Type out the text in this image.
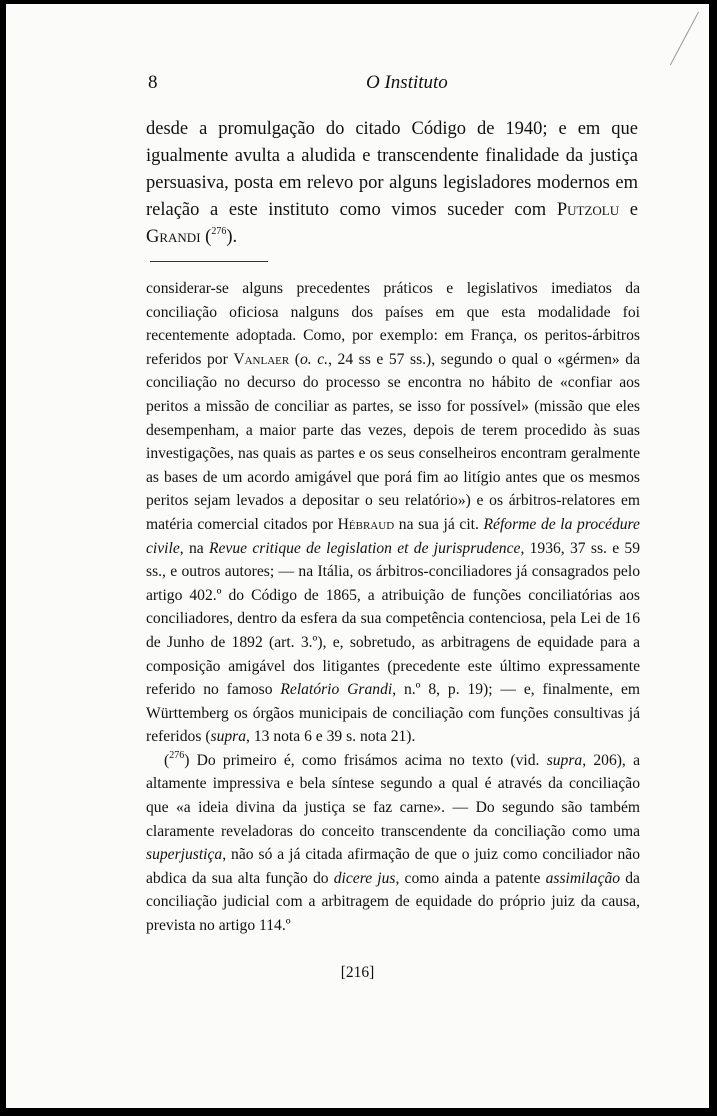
8	O Instituto

desde a promulgação do citado Código de 1940; e em que igualmente avulta a aludida e transcendente finalidade da justiça persuasiva, posta em relevo por alguns legisladores modernos em relação a este instituto como vimos suceder com Putzolu e Grandi ($^{276}$).

considerar-se alguns precedentes práticos e legislativos imediatos da conciliação oficiosa nalguns dos países em que esta modalidade foi recentemente adoptada. Como, por exemplo: em França, os peritos-árbitros referidos por Vanlaer (o. c., 24 ss e 57 ss.), segundo o qual o «gérmen» da conciliação no decurso do processo se encontra no hábito de «confiar aos peritos a missão de conciliar as partes, se isso for possível» (missão que eles desempenham, a maior parte das vezes, depois de terem procedido às suas investigações, nas quais as partes e os seus conselheiros encontram geralmente as bases de um acordo amigável que porá fim ao litígio antes que os mesmos peritos sejam levados a depositar o seu relatório») e os árbitros-relatores em matéria comercial citados por Hébraud na sua já cit. Réforme de la procédure civile, na Revue critique de legislation et de jurisprudence, 1936, 37 ss. e 59 ss., e outros autores; — na Itália, os árbitros-conciliadores já consagrados pelo artigo 402.º do Código de 1865, a atribuição de funções conciliatórias aos conciliadores, dentro da esfera da sua competência contenciosa, pela Lei de 16 de Junho de 1892 (art. 3.º), e, sobretudo, as arbitragens de equidade para a composição amigável dos litigantes (precedente este último expressamente referido no famoso Relatório Grandi, n.º 8, p. 19); — e, finalmente, em Württemberg os órgãos municipais de conciliação com funções consultivas já referidos (supra, 13 nota 6 e 39 s. nota 21).

($^{276}$) Do primeiro é, como frisámos acima no texto (vid. supra, 206), a altamente impressiva e bela síntese segundo a qual é através da conciliação que «a ideia divina da justiça se faz carne». — Do segundo são também claramente reveladoras do conceito transcendente da conciliação como uma superjustiça, não só a já citada afirmação de que o juiz como conciliador não abdica da sua alta função do dicere jus, como ainda a patente assimilação da conciliação judicial com a arbitragem de equidade do próprio juiz da causa, prevista no artigo 114.º

[216]
